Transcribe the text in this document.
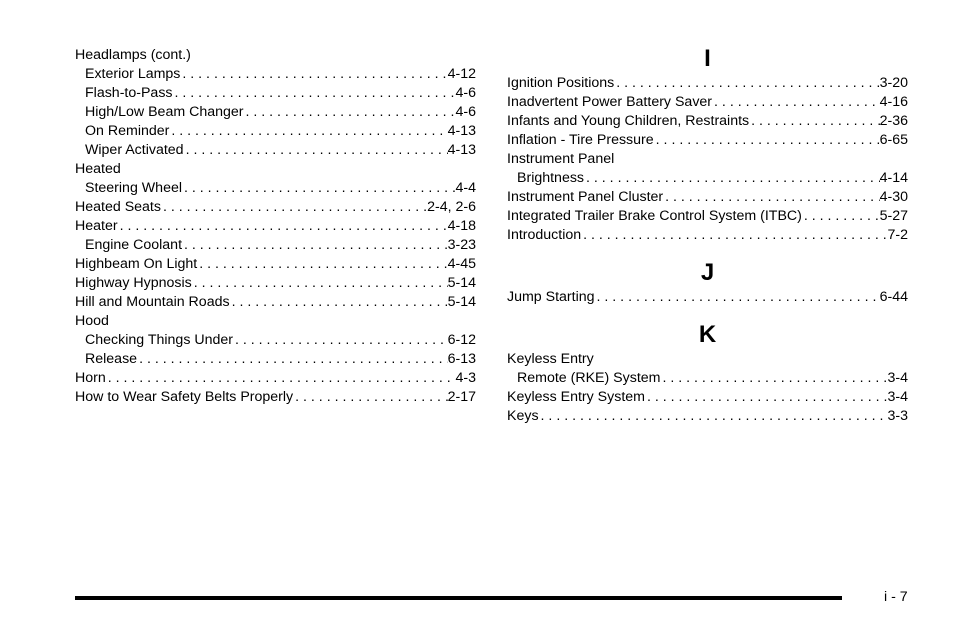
Headlamps (cont.)
Exterior Lamps . . .	4-12
Flash-to-Pass . . .	4-6
High/Low Beam Changer . . .	4-6
On Reminder . . .	4-13
Wiper Activated . . .	4-13
Heated
Steering Wheel . . .	4-4
Heated Seats . . .	2-4, 2-6
Heater . . .	4-18
Engine Coolant . . .	3-23
Highbeam On Light . . .	4-45
Highway Hypnosis . . .	5-14
Hill and Mountain Roads . . .	5-14
Hood
Checking Things Under . . .	6-12
Release . . .	6-13
Horn . . .	4-3
How to Wear Safety Belts Properly . . .	2-17
I
Ignition Positions . . .	3-20
Inadvertent Power Battery Saver . . .	4-16
Infants and Young Children, Restraints . . .	2-36
Inflation - Tire Pressure . . .	6-65
Instrument Panel
Brightness . . .	4-14
Instrument Panel Cluster . . .	4-30
Integrated Trailer Brake Control System (ITBC) . . .	5-27
Introduction . . .	7-2
J
Jump Starting . . .	6-44
K
Keyless Entry
Remote (RKE) System . . .	3-4
Keyless Entry System . . .	3-4
Keys . . .	3-3
i - 7
